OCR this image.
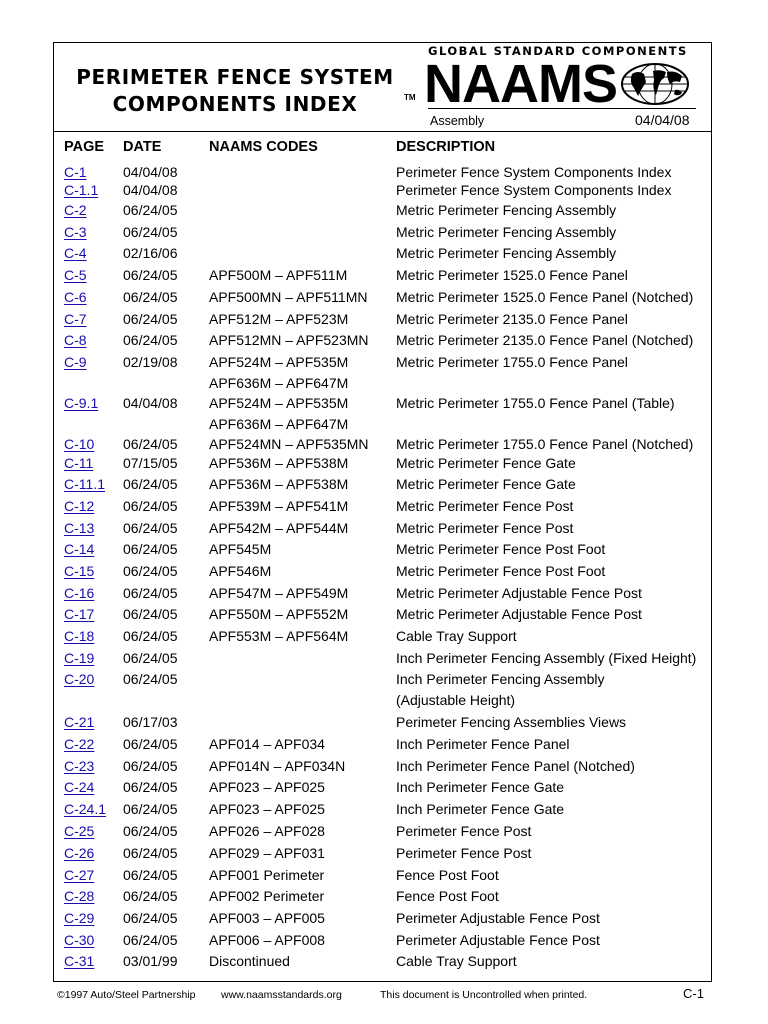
PERIMETER FENCE SYSTEM
COMPONENTS INDEX	TM
GLOBAL STANDARD COMPONENTS
NAAMS
Assembly	04/04/08
PAGE DATE	NAAMS CODES	DESCRIPTION
C-1	04/04/08	Perimeter Fence System Components Index
C-1.1 04/04/08	Perimeter Fence System Components Index
C-2	06/24/05	Metric Perimeter Fencing Assembly
C-3	06/24/05	Metric Perimeter Fencing Assembly
C-4	02/16/06	Metric Perimeter Fencing Assembly
C-5	06/24/05 APF500M – APF511M	Metric Perimeter 1525.0 Fence Panel
C-6	06/24/05 APF500MN – APF511MN Metric Perimeter 1525.0 Fence Panel (Notched)
C-7	06/24/05 APF512M – APF523M	Metric Perimeter 2135.0 Fence Panel
C-8	06/24/05 APF512MN – APF523MN Metric Perimeter 2135.0 Fence Panel (Notched)
C-9	02/19/08 APF524M – APF535M	Metric Perimeter 1755.0 Fence Panel
APF636M – APF647M
C-9.1 04/04/08 APF524M – APF535M	Metric Perimeter 1755.0 Fence Panel (Table)
APF636M – APF647M
C-10 06/24/05 APF524MN – APF535MN Metric Perimeter 1755.0 Fence Panel (Notched)
C-11 07/15/05 APF536M – APF538M	Metric Perimeter Fence Gate
C-11.1 06/24/05 APF536M – APF538M	Metric Perimeter Fence Gate
C-12 06/24/05 APF539M – APF541M	Metric Perimeter Fence Post
C-13 06/24/05 APF542M – APF544M	Metric Perimeter Fence Post
C-14 06/24/05 APF545M	Metric Perimeter Fence Post Foot
C-15 06/24/05 APF546M	Metric Perimeter Fence Post Foot
C-16 06/24/05 APF547M – APF549M	Metric Perimeter Adjustable Fence Post
C-17 06/24/05 APF550M – APF552M	Metric Perimeter Adjustable Fence Post
C-18 06/24/05 APF553M – APF564M	Cable Tray Support
C-19 06/24/05	Inch Perimeter Fencing Assembly (Fixed Height)
C-20 06/24/05	Inch Perimeter Fencing Assembly
(Adjustable Height)
C-21 06/17/03	Perimeter Fencing Assemblies Views
C-22 06/24/05 APF014 – APF034	Inch Perimeter Fence Panel
C-23 06/24/05 APF014N – APF034N	Inch Perimeter Fence Panel (Notched)
C-24 06/24/05 APF023 – APF025	Inch Perimeter Fence Gate
C-24.1 06/24/05 APF023 – APF025	Inch Perimeter Fence Gate
C-25 06/24/05 APF026 – APF028	Perimeter Fence Post
C-26 06/24/05 APF029 – APF031	Perimeter Fence Post
C-27 06/24/05 APF001 Perimeter	Fence Post Foot
C-28 06/24/05 APF002 Perimeter	Fence Post Foot
C-29 06/24/05 APF003 – APF005	Perimeter Adjustable Fence Post
C-30 06/24/05 APF006 – APF008	Perimeter Adjustable Fence Post
C-31 03/01/99 Discontinued	Cable Tray Support
©1997 Auto/Steel Partnership www.naamsstandards.org	This document is Uncontrolled when printed.	C-1
